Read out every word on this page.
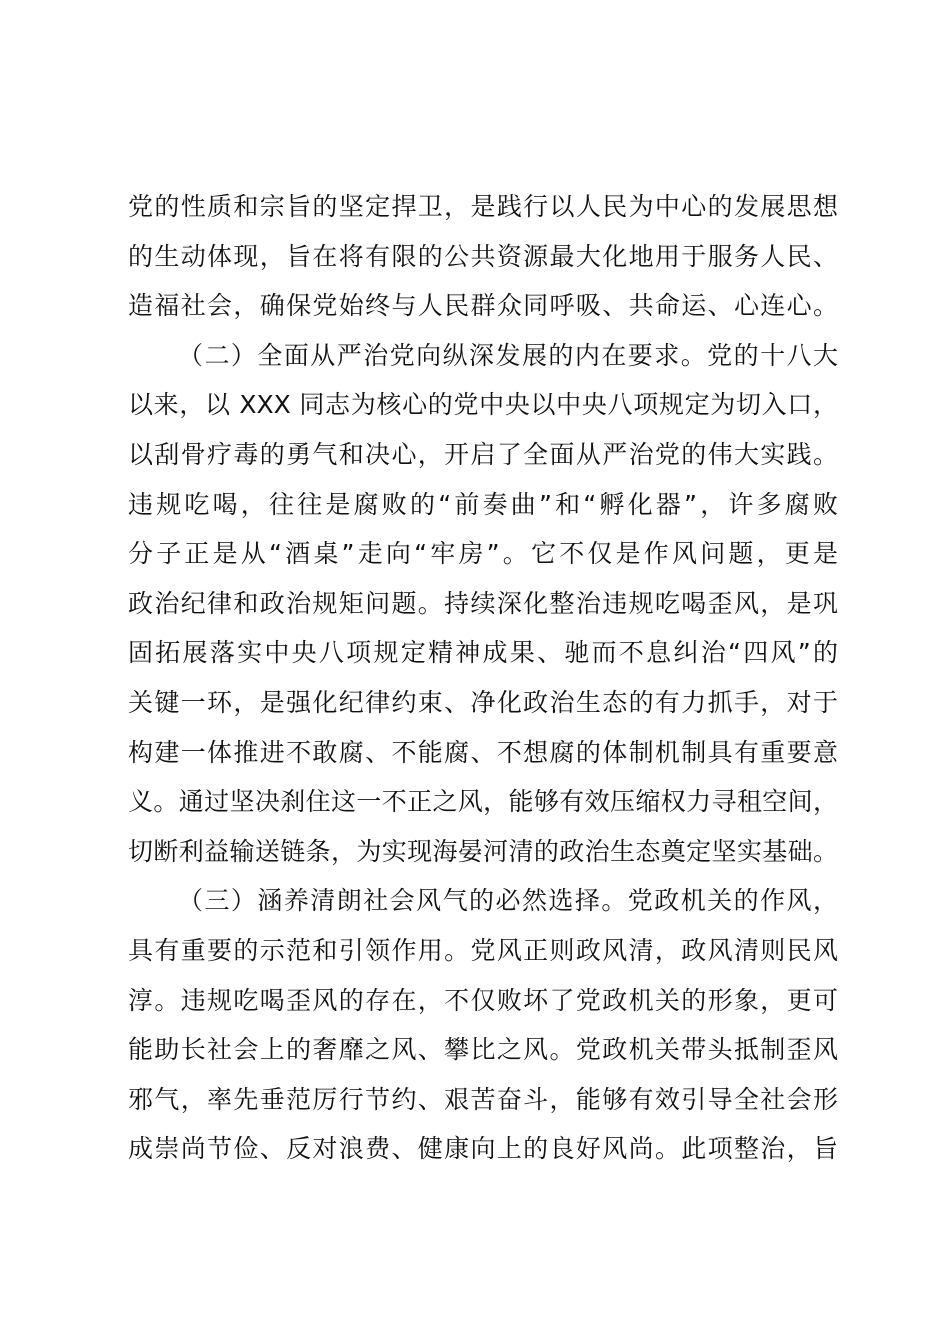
党的性质和宗旨的坚定捍卫，是践行以人民为中心的发展思想
的生动体现，旨在将有限的公共资源最大化地用于服务人民、
造福社会，确保党始终与人民群众同呼吸、共命运、心连心。
（二）全面从严治党向纵深发展的内在要求。党的十八大
以来，以 XXX 同志为核心的党中央以中央八项规定为切入口，
以刮骨疗毒的勇气和决心，开启了全面从严治党的伟大实践。
违规吃喝，往往是腐败的“前奏曲”和“孵化器”，许多腐败
分子正是从“酒桌”走向“牢房”。它不仅是作风问题，更是
政治纪律和政治规矩问题。持续深化整治违规吃喝歪风，是巩
固拓展落实中央八项规定精神成果、驰而不息纠治“四风”的
关键一环，是强化纪律约束、净化政治生态的有力抓手，对于
构建一体推进不敢腐、不能腐、不想腐的体制机制具有重要意
义。通过坚决刹住这一不正之风，能够有效压缩权力寻租空间，
切断利益输送链条，为实现海晏河清的政治生态奠定坚实基础。
（三）涵养清朗社会风气的必然选择。党政机关的作风，
具有重要的示范和引领作用。党风正则政风清，政风清则民风
淳。违规吃喝歪风的存在，不仅败坏了党政机关的形象，更可
能助长社会上的奢靡之风、攀比之风。党政机关带头抵制歪风
邪气，率先垂范厉行节约、艰苦奋斗，能够有效引导全社会形
成崇尚节俭、反对浪费、健康向上的良好风尚。此项整治，旨
